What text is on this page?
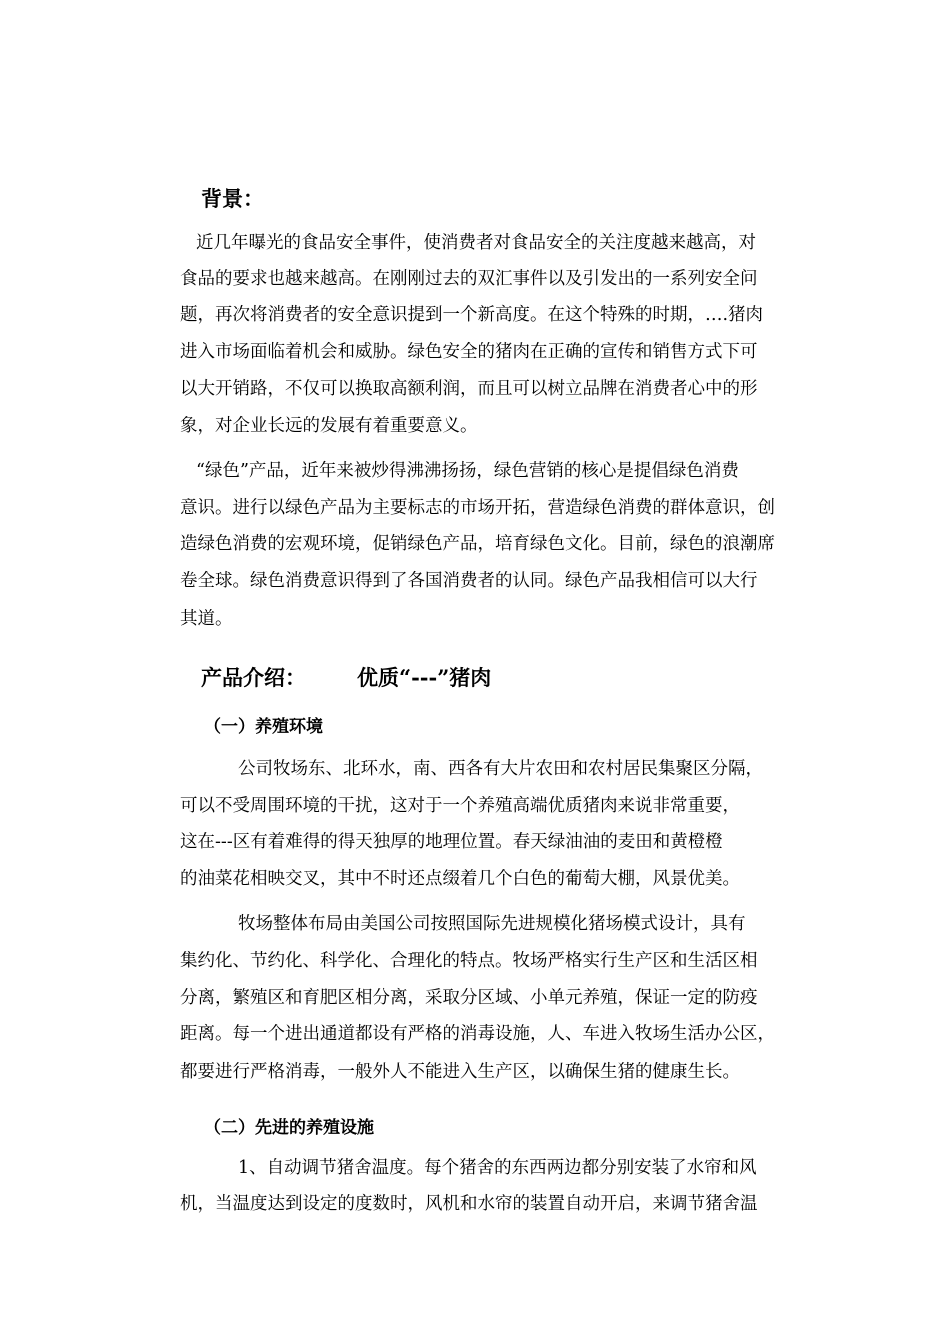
背景：
近几年曝光的食品安全事件，使消费者对食品安全的关注度越来越高，对
食品的要求也越来越高。在刚刚过去的双汇事件以及引发出的一系列安全问
题，再次将消费者的安全意识提到一个新高度。在这个特殊的时期，….猪肉
进入市场面临着机会和威胁。绿色安全的猪肉在正确的宣传和销售方式下可
以大开销路，不仅可以换取高额利润，而且可以树立品牌在消费者心中的形
象，对企业长远的发展有着重要意义。
“绿色”产品，近年来被炒得沸沸扬扬，绿色营销的核心是提倡绿色消费
意识。进行以绿色产品为主要标志的市场开拓，营造绿色消费的群体意识，创
造绿色消费的宏观环境，促销绿色产品，培育绿色文化。目前，绿色的浪潮席
卷全球。绿色消费意识得到了各国消费者的认同。绿色产品我相信可以大行
其道。
产品介绍： 优质“---”猪肉
（一）养殖环境
公司牧场东、北环水，南、西各有大片农田和农村居民集聚区分隔，
可以不受周围环境的干扰，这对于一个养殖高端优质猪肉来说非常重要，
这在---区有着难得的得天独厚的地理位置。春天绿油油的麦田和黄橙橙
的油菜花相映交叉，其中不时还点缀着几个白色的葡萄大棚，风景优美。
牧场整体布局由美国公司按照国际先进规模化猪场模式设计，具有
集约化、节约化、科学化、合理化的特点。牧场严格实行生产区和生活区相
分离，繁殖区和育肥区相分离，采取分区域、小单元养殖，保证一定的防疫
距离。每一个进出通道都设有严格的消毒设施，人、车进入牧场生活办公区，
都要进行严格消毒，一般外人不能进入生产区，以确保生猪的健康生长。
（二）先进的养殖设施
1、自动调节猪舍温度。每个猪舍的东西两边都分别安装了水帘和风
机，当温度达到设定的度数时，风机和水帘的装置自动开启，来调节猪舍温
